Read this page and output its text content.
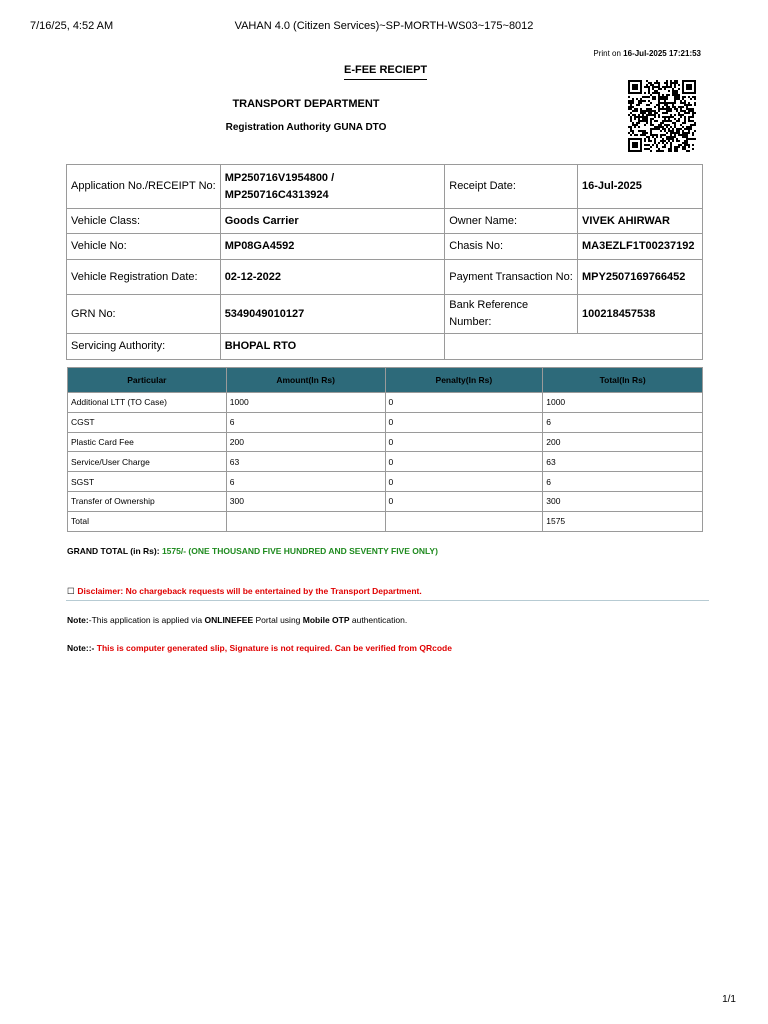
7/16/25, 4:52 AM	VAHAN 4.0 (Citizen Services)~SP-MORTH-WS03~175~8012
Print on 16-Jul-2025 17:21:53
E-FEE RECIEPT
TRANSPORT DEPARTMENT
Registration Authority GUNA DTO
Application No./RECEIPT No:	MP250716V1954800 /
MP250716C4313924	Receipt Date:	16-Jul-2025
Vehicle Class:	Goods Carrier	Owner Name:	VIVEK AHIRWAR
Vehicle No:	MP08GA4592	Chasis No:	MA3EZLF1T00237192
Vehicle Registration Date:	02-12-2022	Payment Transaction No:	MPY2507169766452
GRN No:	5349049010127	Bank Reference Number:	100218457538
Servicing Authority:	BHOPAL RTO		
Particular	Amount(In Rs)	Penalty(In Rs)	Total(In Rs)
Additional LTT (TO Case)	1000	0	1000
CGST	6	0	6
Plastic Card Fee	200	0	200
Service/User Charge	63	0	63
SGST	6	0	6
Transfer of Ownership	300	0	300
Total			1575
GRAND TOTAL (in Rs): 1575/- (ONE THOUSAND FIVE HUNDRED AND SEVENTY FIVE ONLY)
☐ Disclaimer: No chargeback requests will be entertained by the Transport Department.
Note:-This application is applied via ONLINEFEE Portal using Mobile OTP authentication.
Note::- This is computer generated slip, Signature is not required. Can be verified from QRcode
1/1
